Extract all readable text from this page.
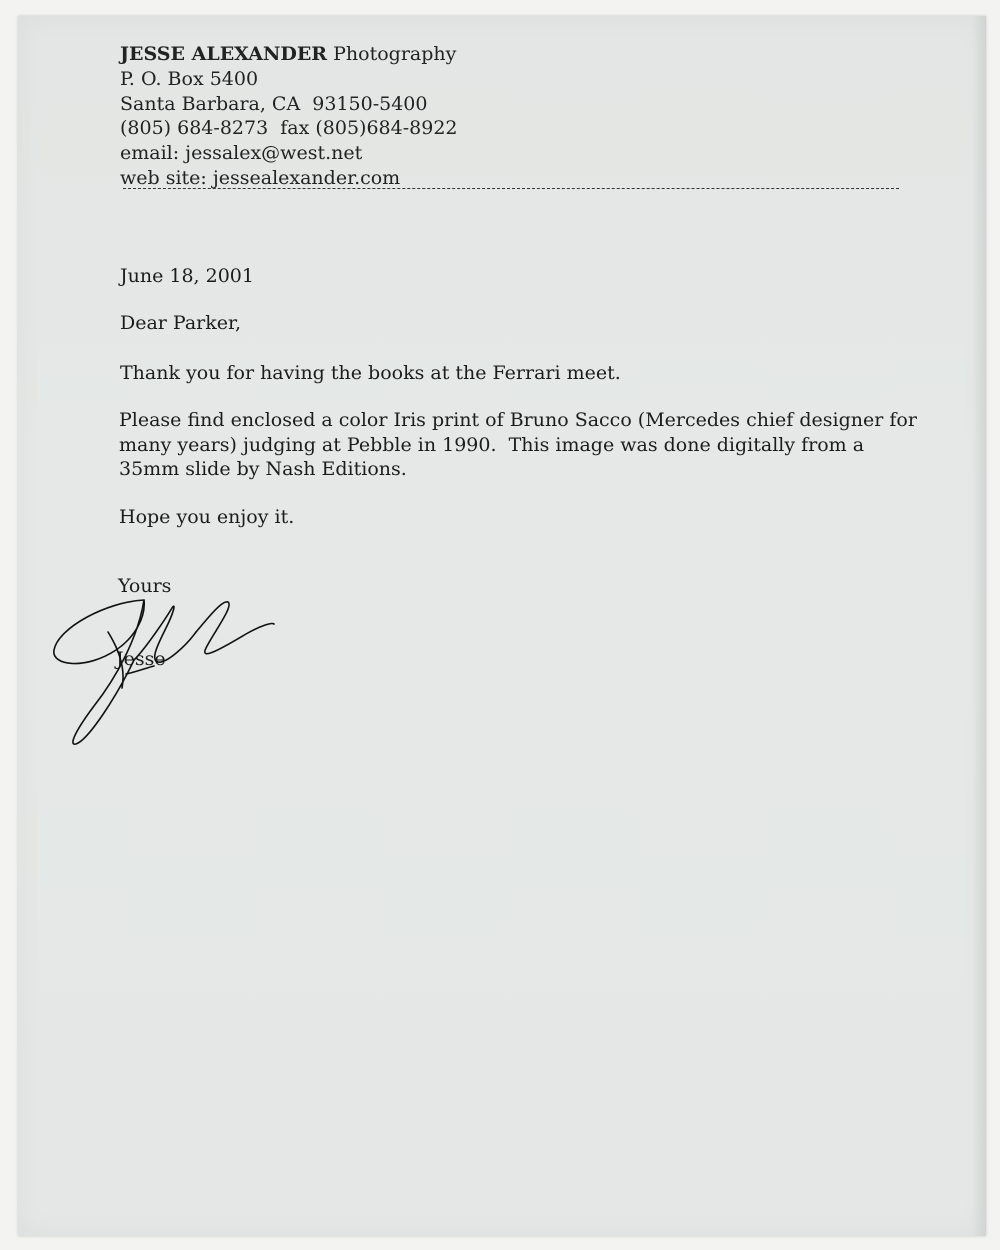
JESSE ALEXANDER Photography
P. O. Box 5400
Santa Barbara, CA  93150-5400
(805) 684-8273  fax (805)684-8922
email: jessalex@west.net
web site: jessealexander.com
June 18, 2001
Dear Parker,
Thank you for having the books at the Ferrari meet.
Please find enclosed a color Iris print of Bruno Sacco (Mercedes chief designer for
many years) judging at Pebble in 1990.  This image was done digitally from a
35mm slide by Nash Editions.
Hope you enjoy it.
Yours
Jesse
